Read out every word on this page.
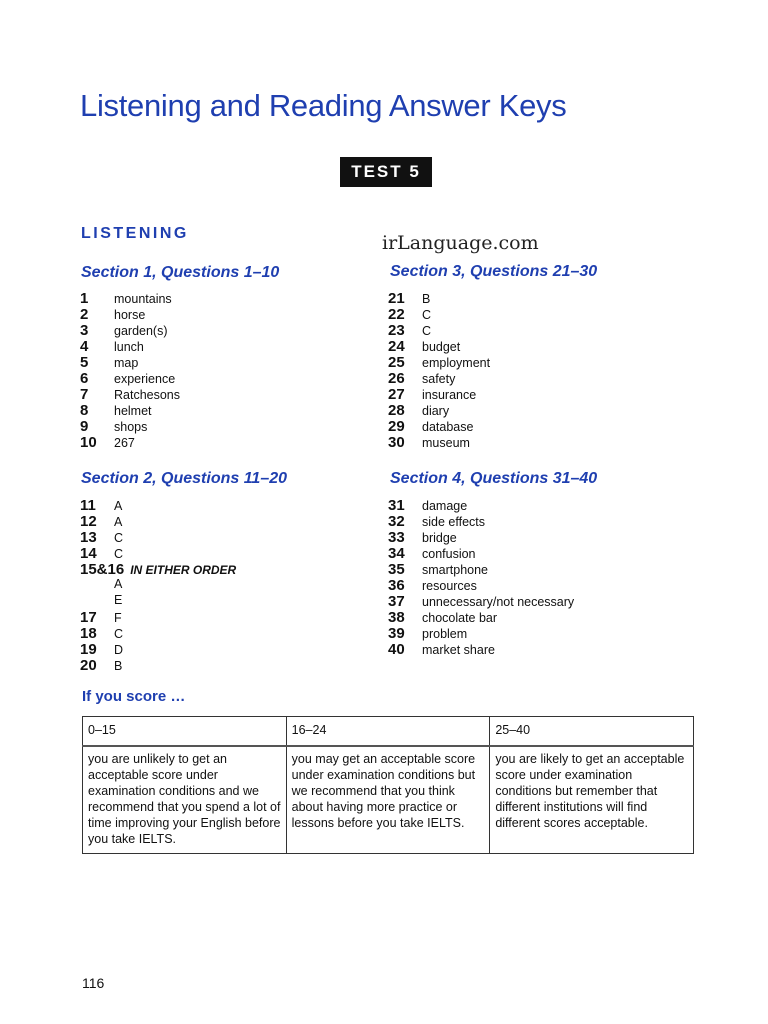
Listening and Reading Answer Keys
TEST 5
LISTENING	irLanguage.com
Section 1, Questions 1–10
1	mountains
2	horse
3	garden(s)
4	lunch
5	map
6	experience
7	Ratchesons
8	helmet
9	shops
10	267
Section 3, Questions 21–30
21	B
22	C
23	C
24	budget
25	employment
26	safety
27	insurance
28	diary
29	database
30	museum
Section 2, Questions 11–20
11	A
12	A
13	C
14	C
15&16 IN EITHER ORDER
A
E
17	F
18	C
19	D
20	B
Section 4, Questions 31–40
31	damage
32	side effects
33	bridge
34	confusion
35	smartphone
36	resources
37	unnecessary/not necessary
38	chocolate bar
39	problem
40	market share
If you score …
0–15	16–24	25–40
you are unlikely to get an acceptable score under examination conditions and we recommend that you spend a lot of time improving your English before you take IELTS.	you may get an acceptable score under examination conditions but we recommend that you think about having more practice or lessons before you take IELTS.	you are likely to get an acceptable score under examination conditions but remember that different institutions will find different scores acceptable.
116
